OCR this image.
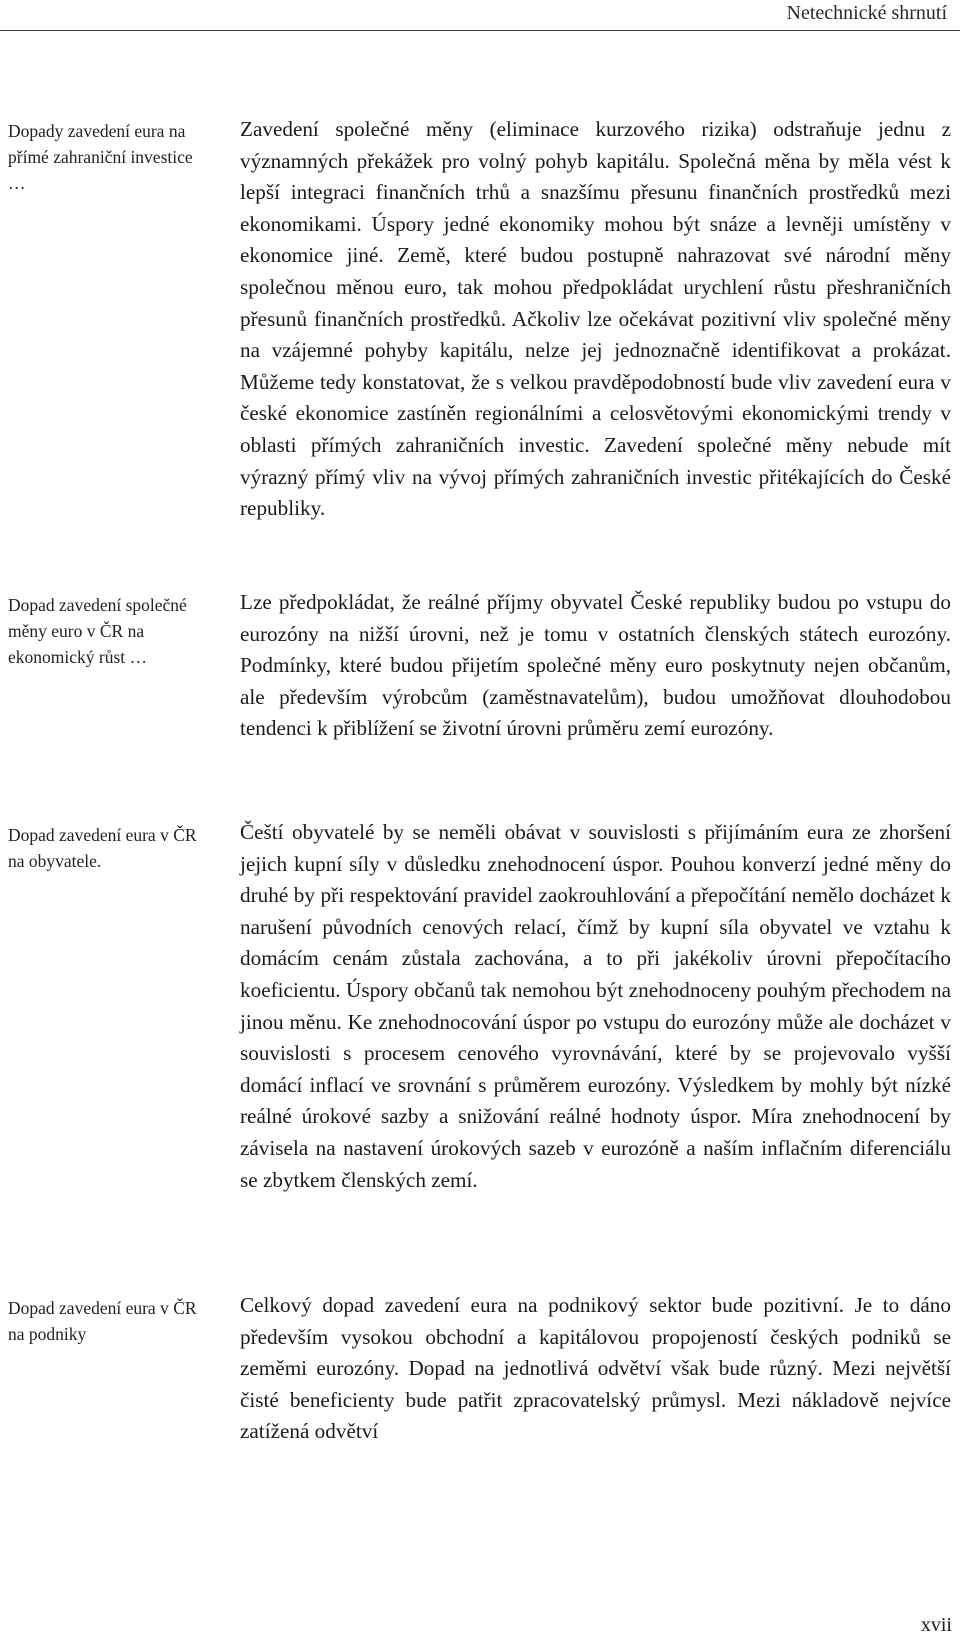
Netechnické shrnutí
Dopady zavedení eura na přímé zahraniční investice …
Zavedení společné měny (eliminace kurzového rizika) odstraňuje jednu z významných překážek pro volný pohyb kapitálu. Společná měna by měla vést k lepší integraci finančních trhů a snazšímu přesunu finančních prostředků mezi ekonomikami. Úspory jedné ekonomiky mohou být snáze a levněji umístěny v ekonomice jiné. Země, které budou postupně nahrazovat své národní měny společnou měnou euro, tak mohou předpokládat urychlení růstu přeshraničních přesunů finančních prostředků. Ačkoliv lze očekávat pozitivní vliv společné měny na vzájemné pohyby kapitálu, nelze jej jednoznačně identifikovat a prokázat. Můžeme tedy konstatovat, že s velkou pravděpodobností bude vliv zavedení eura v české ekonomice zastíněn regionálními a celosvětovými ekonomickými trendy v oblasti přímých zahraničních investic. Zavedení společné měny nebude mít výrazný přímý vliv na vývoj přímých zahraničních investic přitékajících do České republiky.
Dopad zavedení společné měny euro v ČR na ekonomický růst …
Lze předpokládat, že reálné příjmy obyvatel České republiky budou po vstupu do eurozóny na nižší úrovni, než je tomu v ostatních členských státech eurozóny. Podmínky, které budou přijetím společné měny euro poskytnuty nejen občanům, ale především výrobcům (zaměstnavatelům), budou umožňovat dlouhodobou tendenci k přiblížení se životní úrovni průměru zemí eurozóny.
Dopad zavedení eura v ČR na obyvatele.
Čeští obyvatelé by se neměli obávat v souvislosti s přijímáním eura ze zhoršení jejich kupní síly v důsledku znehodnocení úspor. Pouhou konverzí jedné měny do druhé by při respektování pravidel zaokrouhlování a přepočítání nemělo docházet k narušení původních cenových relací, čímž by kupní síla obyvatel ve vztahu k domácím cenám zůstala zachována, a to při jakékoliv úrovni přepočítacího koeficientu. Úspory občanů tak nemohou být znehodnoceny pouhým přechodem na jinou měnu. Ke znehodnocování úspor po vstupu do eurozóny může ale docházet v souvislosti s procesem cenového vyrovnávání, které by se projevovalo vyšší domácí inflací ve srovnání s průměrem eurozóny. Výsledkem by mohly být nízké reálné úrokové sazby a snižování reálné hodnoty úspor. Míra znehodnocení by závisela na nastavení úrokových sazeb v eurozóně a naším inflačním diferenciálu se zbytkem členských zemí.
Dopad zavedení eura v ČR na podniky
Celkový dopad zavedení eura na podnikový sektor bude pozitivní. Je to dáno především vysokou obchodní a kapitálovou propojeností českých podniků se zeměmi eurozóny. Dopad na jednotlivá odvětví však bude různý. Mezi největší čisté beneficienty bude patřit zpracovatelský průmysl. Mezi nákladově nejvíce zatížená odvětví
xvii
